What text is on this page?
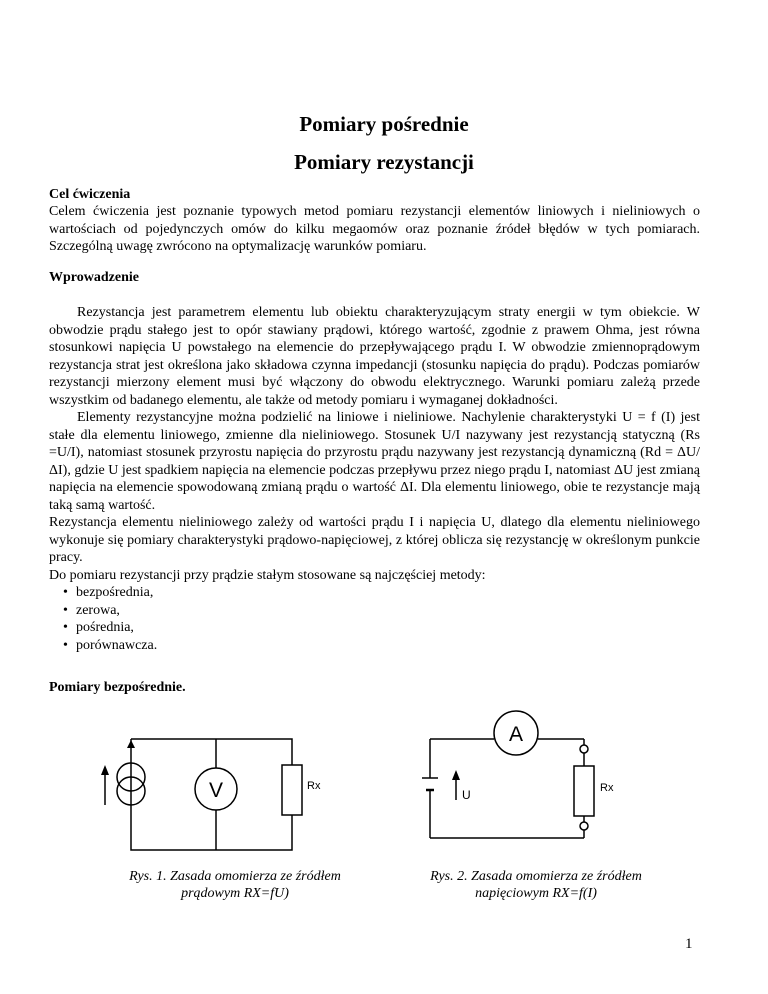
Pomiary pośrednie
Pomiary rezystancji
Cel ćwiczenia
Celem ćwiczenia jest poznanie typowych metod pomiaru rezystancji elementów liniowych i nieliniowych o wartościach od pojedynczych omów do kilku megaomów oraz poznanie źródeł błędów w tych pomiarach. Szczególną uwagę zwrócono na optymalizację warunków pomiaru.
Wprowadzenie
Rezystancja jest parametrem elementu lub obiektu charakteryzującym straty energii w tym obiekcie. W obwodzie prądu stałego jest to opór stawiany prądowi, którego wartość, zgodnie z prawem Ohma, jest równa stosunkowi napięcia U powstałego na elemencie do przepływającego prądu I. W obwodzie zmiennoprądowym rezystancja strat jest określona jako składowa czynna impedancji (stosunku napięcia do prądu). Podczas pomiarów rezystancji mierzony element musi być włączony do obwodu elektrycznego. Warunki pomiaru zależą przede wszystkim od badanego elementu, ale także od metody pomiaru i wymaganej dokładności.
Elementy rezystancyjne można podzielić na liniowe i nieliniowe. Nachylenie charakterystyki U = f (I) jest stałe dla elementu liniowego, zmienne dla nieliniowego. Stosunek U/I nazywany jest rezystancją statyczną (Rs =U/I), natomiast stosunek przyrostu napięcia do przyrostu prądu nazywany jest rezystancją dynamiczną (Rd = ΔU/ΔI), gdzie U jest spadkiem napięcia na elemencie podczas przepływu przez niego prądu I, natomiast ΔU jest zmianą napięcia na elemencie spowodowaną zmianą prądu o wartość ΔI. Dla elementu liniowego, obie te rezystancje mają taką samą wartość.
Rezystancja elementu nieliniowego zależy od wartości prądu I i napięcia U, dlatego dla elementu nieliniowego wykonuje się pomiary charakterystyki prądowo-napięciowej, z której oblicza się rezystancję w określonym punkcie pracy.
Do pomiaru rezystancji przy prądzie stałym stosowane są najczęściej metody:
• bezpośrednia,
• zerowa,
• pośrednia,
• porównawcza.
Pomiary bezpośrednie.
V	Rx
A
U	Rx
Rys. 1. Zasada omomierza ze źródłem
prądowym RX=fU)
Rys. 2. Zasada omomierza ze źródłem
napięciowym RX=f(I)
1
